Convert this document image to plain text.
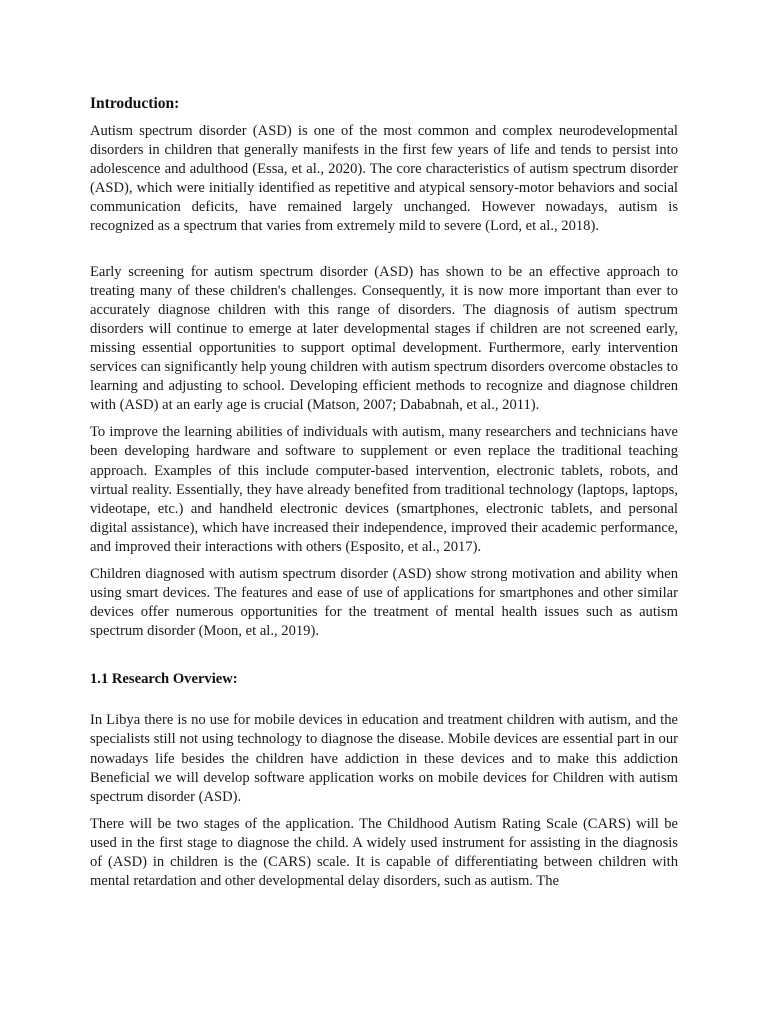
Introduction:

Autism spectrum disorder (ASD) is one of the most common and complex neurodevelopmental disorders in children that generally manifests in the first few years of life and tends to persist into adolescence and adulthood (Essa, et al., 2020). The core characteristics of autism spectrum disorder (ASD), which were initially identified as repetitive and atypical sensory-motor behaviors and social communication deficits, have remained largely unchanged. However nowadays, autism is recognized as a spectrum that varies from extremely mild to severe (Lord, et al., 2018).

Early screening for autism spectrum disorder (ASD) has shown to be an effective approach to treating many of these children's challenges. Consequently, it is now more important than ever to accurately diagnose children with this range of disorders. The diagnosis of autism spectrum disorders will continue to emerge at later developmental stages if children are not screened early, missing essential opportunities to support optimal development. Furthermore, early intervention services can significantly help young children with autism spectrum disorders overcome obstacles to learning and adjusting to school. Developing efficient methods to recognize and diagnose children with (ASD) at an early age is crucial (Matson, 2007; Dababnah, et al., 2011).

To improve the learning abilities of individuals with autism, many researchers and technicians have been developing hardware and software to supplement or even replace the traditional teaching approach. Examples of this include computer-based intervention, electronic tablets, robots, and virtual reality. Essentially, they have already benefited from traditional technology (laptops, laptops, videotape, etc.) and handheld electronic devices (smartphones, electronic tablets, and personal digital assistance), which have increased their independence, improved their academic performance, and improved their interactions with others (Esposito, et al., 2017).

Children diagnosed with autism spectrum disorder (ASD) show strong motivation and ability when using smart devices. The features and ease of use of applications for smartphones and other similar devices offer numerous opportunities for the treatment of mental health issues such as autism spectrum disorder (Moon, et al., 2019).

1.1 Research Overview:

In Libya there is no use for mobile devices in education and treatment children with autism, and the specialists still not using technology to diagnose the disease. Mobile devices are essential part in our nowadays life besides the children have addiction in these devices and to make this addiction Beneficial we will develop software application works on mobile devices for Children with autism spectrum disorder (ASD).

There will be two stages of the application. The Childhood Autism Rating Scale (CARS) will be used in the first stage to diagnose the child. A widely used instrument for assisting in the diagnosis of (ASD) in children is the (CARS) scale. It is capable of differentiating between children with mental retardation and other developmental delay disorders, such as autism. The
